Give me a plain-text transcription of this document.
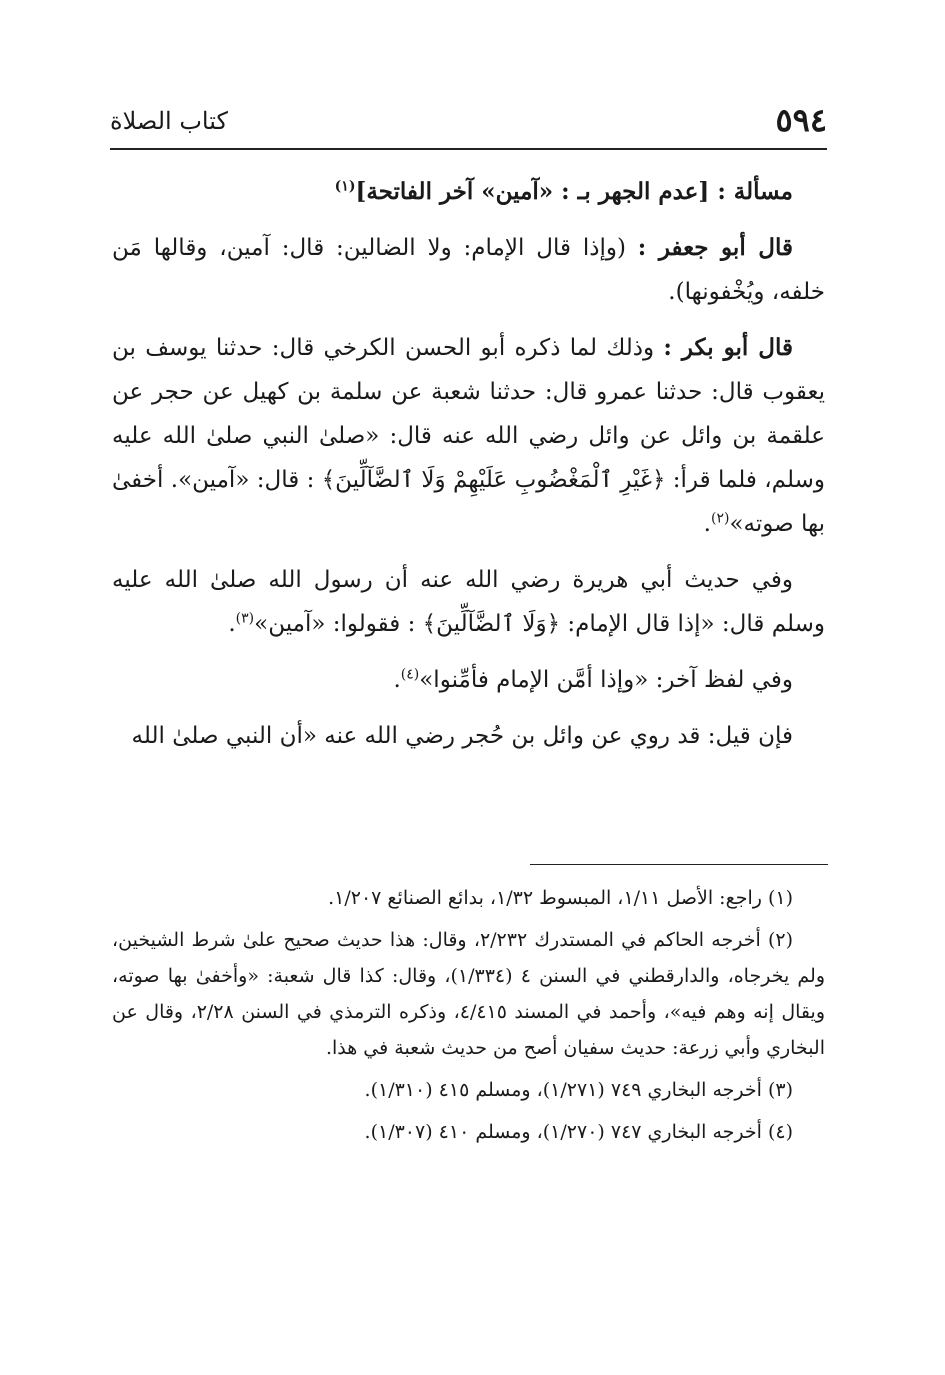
٥٩٤
كتاب الصلاة

مسألة : [عدم الجهر بـ : «آمين» آخر الفاتحة]$^{(١)}$

قال أبو جعفر : (وإذا قال الإمام: ولا الضالين: قال: آمين، وقالها مَن خلفه، ويُخْفونها).

قال أبو بكر : وذلك لما ذكره أبو الحسن الكرخي قال: حدثنا يوسف بن يعقوب قال: حدثنا عمرو قال: حدثنا شعبة عن سلمة بن كهيل عن حجر عن علقمة بن وائل عن وائل رضي الله عنه قال: «صلىٰ النبي صلىٰ الله عليه وسلم، فلما قرأ: ﴿غَيْرِ ٱلْمَغْضُوبِ عَلَيْهِمْ وَلَا ٱلضَّآلِّينَ﴾ : قال: «آمين». أخفىٰ بها صوته»$^{(٢)}$.

وفي حديث أبي هريرة رضي الله عنه أن رسول الله صلىٰ الله عليه وسلم قال: «إذا قال الإمام: ﴿وَلَا ٱلضَّآلِّينَ﴾ : فقولوا: «آمين»$^{(٣)}$.

وفي لفظ آخر: «وإذا أمَّن الإمام فأمِّنوا»$^{(٤)}$.

فإن قيل: قد روي عن وائل بن حُجر رضي الله عنه «أن النبي صلىٰ الله

(١) راجع: الأصل ١/١١، المبسوط ١/٣٢، بدائع الصنائع ١/٢٠٧.

(٢) أخرجه الحاكم في المستدرك ٢/٢٣٢، وقال: هذا حديث صحيح علىٰ شرط الشيخين، ولم يخرجاه، والدارقطني في السنن ٤ (١/٣٣٤)، وقال: كذا قال شعبة: «وأخفىٰ بها صوته، ويقال إنه وهم فيه»، وأحمد في المسند ٤/٤١٥، وذكره الترمذي في السنن ٢/٢٨، وقال عن البخاري وأبي زرعة: حديث سفيان أصح من حديث شعبة في هذا.

(٣) أخرجه البخاري ٧٤٩ (١/٢٧١)، ومسلم ٤١٥ (١/٣١٠).

(٤) أخرجه البخاري ٧٤٧ (١/٢٧٠)، ومسلم ٤١٠ (١/٣٠٧).
